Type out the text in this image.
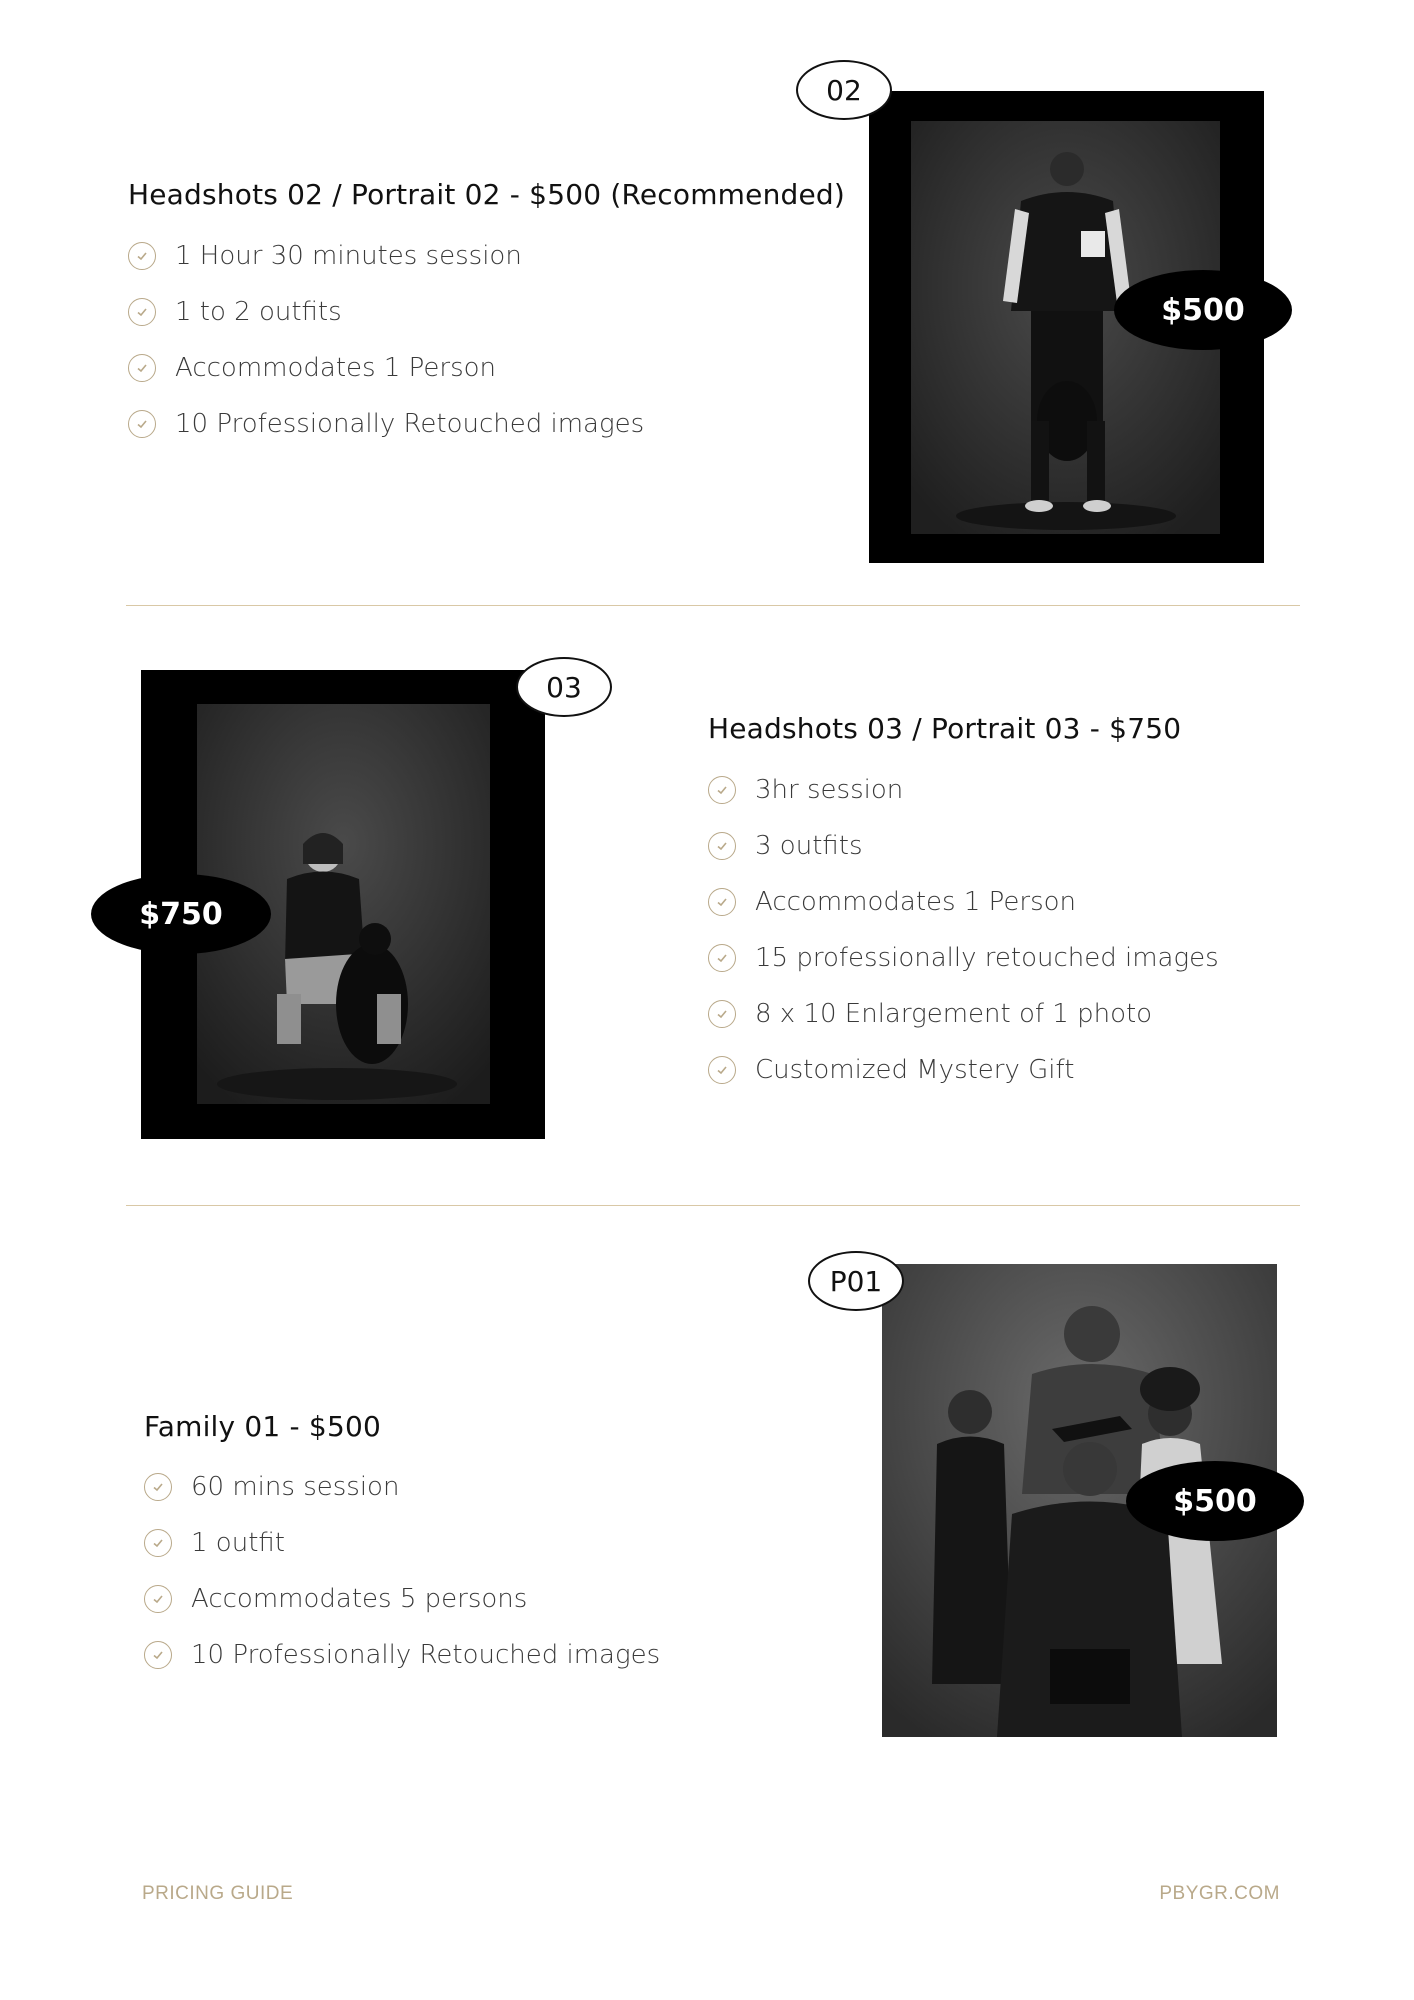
Headshots 02 / Portrait 02 - $500 (Recommended)
1 Hour 30 minutes session
1 to 2 outfits
Accommodates 1 Person
10 Professionally Retouched images
02
$500
03
$750
Headshots 03 / Portrait 03 - $750
3hr session
3 outfits
Accommodates 1 Person
15 professionally retouched images
8 x 10 Enlargement of 1 photo
Customized Mystery Gift
Family 01 - $500
60 mins session
1 outfit
Accommodates 5 persons
10 Professionally Retouched images
P01
$500
PRICING GUIDE	PBYGR.COM
